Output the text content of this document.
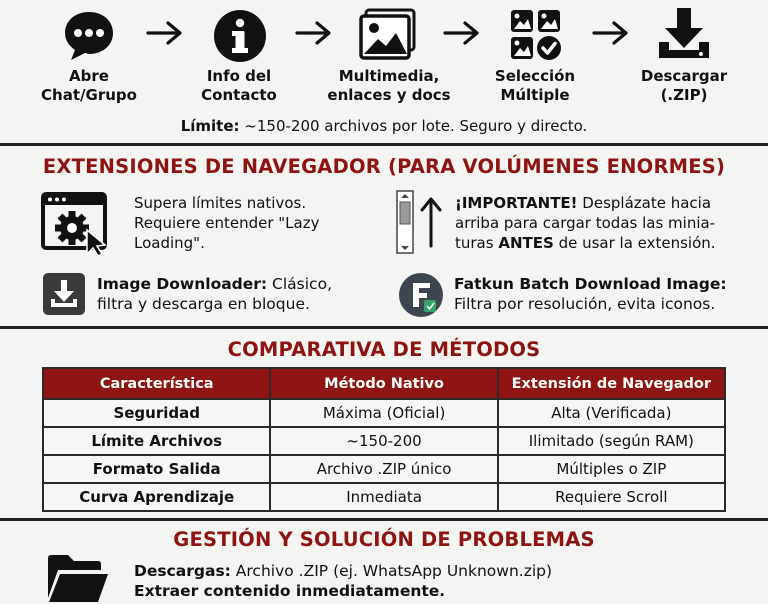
Abre
Chat/Grupo
Info del
Contacto
Multimedia,
enlaces y docs
Selección
Múltiple
Descargar
(.ZIP)
Límite: ~150-200 archivos por lote. Seguro y directo.
EXTENSIONES DE NAVEGADOR (PARA VOLÚMENES ENORMES)
Supera límites nativos.
Requiere entender "Lazy
Loading".
¡IMPORTANTE! Desplázate hacia
arriba para cargar todas las minia-
turas ANTES de usar la extensión.
Image Downloader: Clásico,
filtra y descarga en bloque.
Fatkun Batch Download Image:
Filtra por resolución, evita iconos.
COMPARATIVA DE MÉTODOS
Característica	Método Nativo	Extensión de Navegador
Seguridad	Máxima (Oficial)	Alta (Verificada)
Límite Archivos	~150-200	Ilimitado (según RAM)
Formato Salida	Archivo .ZIP único	Múltiples o ZIP
Curva Aprendizaje	Inmediata	Requiere Scroll
GESTIÓN Y SOLUCIÓN DE PROBLEMAS
Descargas: Archivo .ZIP (ej. WhatsApp Unknown.zip)
Extraer contenido inmediatamente.
